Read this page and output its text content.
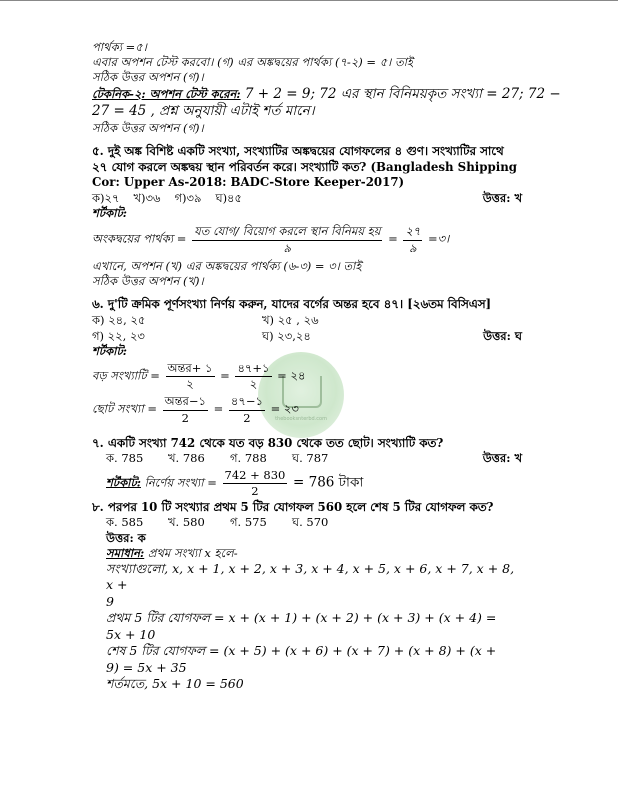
thebooksnterbd.com

পার্থক্য =৫।

এবার অপশন টেস্ট করবো। (গ) এর অঙ্কদ্বয়ের পার্থক্য (৭-২) = ৫। তাই

সঠিক উত্তর অপশন (গ)।

টেকনিক-২: অপশন টেস্ট করেন: 7 + 2 = 9; 72 এর স্থান বিনিময়কৃত সংখ্যা = 27; 72 −

27 = 45 , প্রশ্ন অনুযায়ী এটাই শর্ত মানে।

সঠিক উত্তর অপশন (গ)।

৫. দুই অঙ্ক বিশিষ্ট একটি সংখ্যা, সংখ্যাটির অঙ্কদ্বয়ের যোগফলের ৪ গুণ। সংখ্যাটির সাথে ২৭ যোগ করলে অঙ্কদ্বয় স্থান পরিবর্তন করে। সংখ্যাটি কত? (Bangladesh Shipping Cor: Upper As-2018: BADC-Store Keeper-2017)

ক)২৭ খ)৩৬ গ)৩৯ ঘ)৪৫	উত্তর: খ

শর্টকাট:

অংকদ্বয়ের পার্থক্য = $\frac{\text{যত যোগ/ বিয়োগ করলে স্থান বিনিময় হয়}}{৯} = \frac{২৭}{৯}$ =৩।

এখানে, অপশন (খ) এর অঙ্কদ্বয়ের পার্থক্য (৬-৩) = ৩। তাই

সঠিক উত্তর অপশন (খ)।

৬. দু'টি ক্রমিক পূর্ণসংখ্যা নির্ণয় করুন, যাদের বর্গের অন্তর হবে ৪৭। [২৬তম বিসিএস]

ক) ২৪, ২৫	খ) ২৫ , ২৬
গ) ২২, ২৩	ঘ) ২৩,২৪	উত্তর: ঘ

শর্টকাট:

বড় সংখ্যাটি = $\frac{\text{অন্তর+ ১}}{২} = \frac{৪৭+১}{২}$ = ২৪

ছোট সংখ্যা = $\frac{\text{অন্তর−১}}{2} = \frac{৪৭-১}{2}$ = ২৩

৭. একটি সংখ্যা 742 থেকে যত বড় 830 থেকে তত ছোট। সংখ্যাটি কত?

ক. 785	খ. 786	গ. 788	ঘ. 787	উত্তর: খ

শর্টকাট: নির্ণেয় সংখ্যা = $\frac{742 + 830}{2} = 786$ টাকা

৮. পরপর 10 টি সংখ্যার প্রথম 5 টির যোগফল 560 হলে শেষ 5 টির যোগফল কত?

ক. 585	খ. 580	গ. 575	ঘ. 570

উত্তর: ক

সমাধান: প্রথম সংখ্যা x হলে-

সংখ্যাগুলো, x, x + 1, x + 2, x + 3, x + 4, x + 5, x + 6, x + 7, x + 8, x +

9

প্রথম 5 টির যোগফল = x + (x + 1) + (x + 2) + (x + 3) + (x + 4) =

5x + 10

শেষ 5 টির যোগফল = (x + 5) + (x + 6) + (x + 7) + (x + 8) + (x +

9) = 5x + 35

শর্তমতে, 5x + 10 = 560
